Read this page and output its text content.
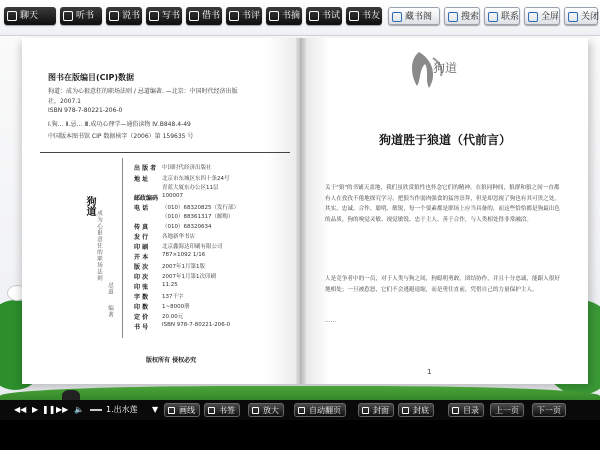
聊天	听书	说书	写书	借书	书评	书摘	书试	书友	藏书阁	搜索	联系	全屏	关闭
图书在版编目(CIP)数据
狗道：成为心狠意狂的职场法则 / 忌道编著. —北京：中国时代经济出版
社，2007.1
ISBN 978-7-80221-206-0
Ⅰ.狗… Ⅱ.忌… Ⅲ.成功心理学—通俗读物 Ⅳ.B848.4-49
中国版本图书馆 CIP 数据核字（2006）第 159635 号
狗道
成为心狠意狂的职场法则
忌道
编著
出 版 者	中国时代经济出版社
地 址	北京市东城区东四十条24号
青蓝大厦东办公区11层
邮政编码 100007
电 话	（010）68320825（发行部）
（010）88361317（邮购）
传 真	（010）68320634
发 行	各地新华书店
印 刷	北京鑫海达印刷有限公司
开 本	787×1092 1/16
版 次	2007年1月第1版
印 次	2007年1月第1次印刷
印 张	11.25
字 数	137千字
印 数	1~8000册
定 价	20.00元
书 号	ISBN 978-7-80221-206-0
版权所有 侵权必究
狗道
狗道胜于狼道（代前言）
关于"狼"的书铺天盖地，我们虽欣赏狼性也怀念它们的精神。在狼同种间，狼群和狼之间一直都有人在孜孜不倦地探究学习，把狼当作弱肉强食的猛兽崇拜，但是却忽视了狗也有其可贵之处。其实，忠诚、合作、聪明、敏锐，每一个要素都是职场上应当具备的，而这些恰恰都是狗最出色的品质。狗的嗅觉灵敏、视觉敏锐、忠于主人、善于合作，与人类相处得非常融洽。
人是竞争者中的一员，对于人类与狗之间，狗聪明勇敢，团结协作，并且十分忠诚，能跟人很好地相处；一旦被惹怒，它们不会逃避退缩，而是勇往直前，凭借自己的力量保护主人。
……
1
◀◀ ▶ ❚❚ ▶▶ 🔈	1.出水莲 ▼	画线	书签	放大	自动翻页	封面	封底	目录	上一页	下一页
